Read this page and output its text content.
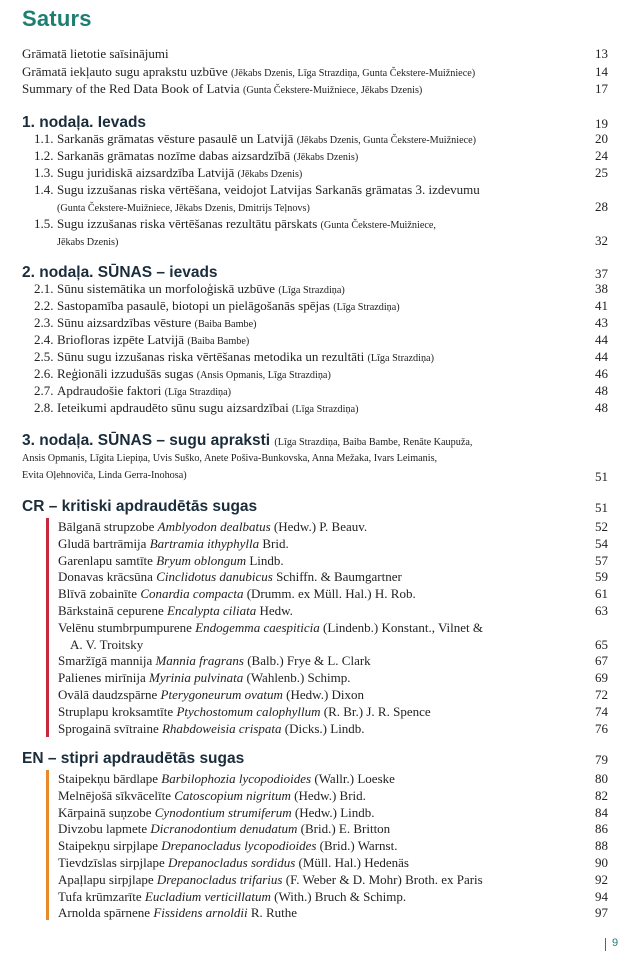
Saturs
Grāmatā lietotie saīsinājumi	13
Grāmatā iekļauto sugu aprakstu uzbūve (Jēkabs Dzenis, Līga Strazdiņa, Gunta Čekstere-Muižniece)	14
Summary of the Red Data Book of Latvia (Gunta Čekstere-Muižniece, Jēkabs Dzenis)	17
1. nodaļa. Ievads	19
1.1. Sarkanās grāmatas vēsture pasaulē un Latvijā (Jēkabs Dzenis, Gunta Čekstere-Muižniece)	20
1.2. Sarkanās grāmatas nozīme dabas aizsardzībā (Jēkabs Dzenis)	24
1.3. Sugu juridiskā aizsardzība Latvijā (Jēkabs Dzenis)	25
1.4. Sugu izzušanas riska vērtēšana, veidojot Latvijas Sarkanās grāmatas 3. izdevumu
(Gunta Čekstere-Muižniece, Jēkabs Dzenis, Dmitrijs Teļnovs)	28
1.5. Sugu izzušanas riska vērtēšanas rezultātu pārskats (Gunta Čekstere-Muižniece,
Jēkabs Dzenis)	32
2. nodaļa. SŪNAS – ievads	37
2.1. Sūnu sistemātika un morfoloģiskā uzbūve (Līga Strazdiņa)	38
2.2. Sastopamība pasaulē, biotopi un pielāgošanās spējas (Līga Strazdiņa)	41
2.3. Sūnu aizsardzības vēsture (Baiba Bambe)	43
2.4. Briofloras izpēte Latvijā (Baiba Bambe)	44
2.5. Sūnu sugu izzušanas riska vērtēšanas metodika un rezultāti (Līga Strazdiņa)	44
2.6. Reģionāli izzudušās sugas (Ansis Opmanis, Līga Strazdiņa)	46
2.7. Apdraudošie faktori (Līga Strazdiņa)	48
2.8. Ieteikumi apdraudēto sūnu sugu aizsardzībai (Līga Strazdiņa)	48
3. nodaļa. SŪNAS – sugu apraksti (Līga Strazdiņa, Baiba Bambe, Renāte Kaupuža,
Ansis Opmanis, Līgita Liepiņa, Uvis Suško, Anete Pošiva-Bunkovska, Anna Mežaka, Ivars Leimanis,
Evita Oļehnoviča, Linda Gerra-Inohosa)	51
CR – kritiski apdraudētās sugas	51
Bālganā strupzobe Amblyodon dealbatus (Hedw.) P. Beauv.	52
Gludā bartrāmija Bartramia ithyphylla Brid.	54
Garenlapu samtīte Bryum oblongum Lindb.	57
Donavas krācsūna Cinclidotus danubicus Schiffn. & Baumgartner	59
Blīvā zobainīte Conardia compacta (Drumm. ex Müll. Hal.) H. Rob.	61
Bārkstainā cepurene Encalypta ciliata Hedw.	63
Velēnu stumbrpumpurene Endogemma caespiticia (Lindenb.) Konstant., Vilnet &
A. V. Troitsky	65
Smaržīgā mannija Mannia fragrans (Balb.) Frye & L. Clark	67
Palienes mirīnija Myrinia pulvinata (Wahlenb.) Schimp.	69
Ovālā daudzspārne Pterygoneurum ovatum (Hedw.) Dixon	72
Struplapu kroksamtīte Ptychostomum calophyllum (R. Br.) J. R. Spence	74
Sprogainā svītraine Rhabdoweisia crispata (Dicks.) Lindb.	76
EN – stipri apdraudētās sugas	79
Staipekņu bārdlape Barbilophozia lycopodioides (Wallr.) Loeske	80
Melnējošā sīkvācelīte Catoscopium nigritum (Hedw.) Brid.	82
Kārpainā suņzobe Cynodontium strumiferum (Hedw.) Lindb.	84
Divzobu lapmete Dicranodontium denudatum (Brid.) E. Britton	86
Staipekņu sirpjlape Drepanocladus lycopodioides (Brid.) Warnst.	88
Tievdzīslas sirpjlape Drepanocladus sordidus (Müll. Hal.) Hedenäs	90
Apaļlapu sirpjlape Drepanocladus trifarius (F. Weber & D. Mohr) Broth. ex Paris	92
Tufa krūmzarīte Eucladium verticillatum (With.) Bruch & Schimp.	94
Arnolda spārnene Fissidens arnoldii R. Ruthe	97
9
